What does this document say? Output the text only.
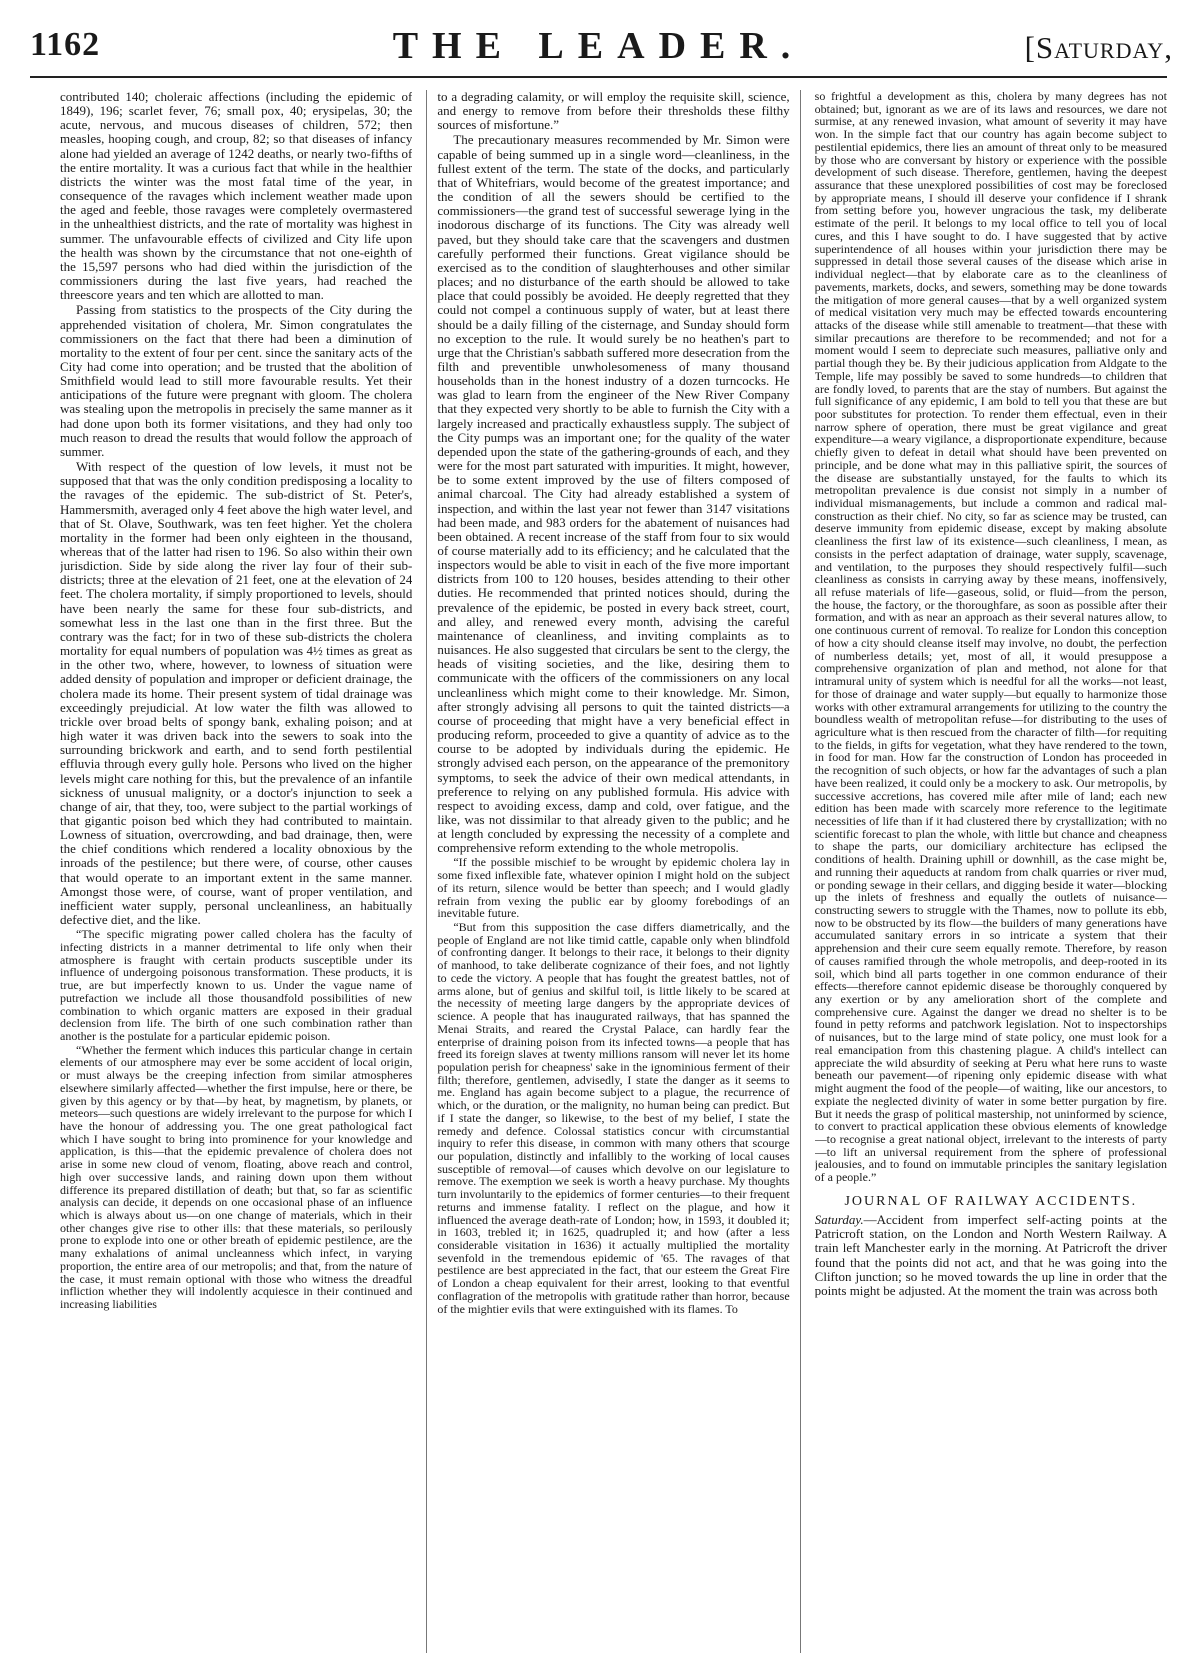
1162	THE LEADER.	[Saturday,

contributed 140; choleraic affections (including the epidemic of 1849), 196; scarlet fever, 76; small pox, 40; erysipelas, 30; the acute, nervous, and mucous diseases of children, 572; then measles, hooping cough, and croup, 82; so that diseases of infancy alone had yielded an average of 1242 deaths, or nearly two-fifths of the entire mortality. It was a curious fact that while in the healthier districts the winter was the most fatal time of the year, in consequence of the ravages which inclement weather made upon the aged and feeble, those ravages were completely overmastered in the unhealthiest districts, and the rate of mortality was highest in summer. The unfavourable effects of civilized and City life upon the health was shown by the circumstance that not one-eighth of the 15,597 persons who had died within the jurisdiction of the commissioners during the last five years, had reached the threescore years and ten which are allotted to man.

Passing from statistics to the prospects of the City during the apprehended visitation of cholera, Mr. Simon congratulates the commissioners on the fact that there had been a diminution of mortality to the extent of four per cent. since the sanitary acts of the City had come into operation; and be trusted that the abolition of Smithfield would lead to still more favourable results. Yet their anticipations of the future were pregnant with gloom. The cholera was stealing upon the metropolis in precisely the same manner as it had done upon both its former visitations, and they had only too much reason to dread the results that would follow the approach of summer.

With respect of the question of low levels, it must not be supposed that that was the only condition predisposing a locality to the ravages of the epidemic. The sub-district of St. Peter's, Hammersmith, averaged only 4 feet above the high water level, and that of St. Olave, Southwark, was ten feet higher. Yet the cholera mortality in the former had been only eighteen in the thousand, whereas that of the latter had risen to 196. So also within their own jurisdiction. Side by side along the river lay four of their sub-districts; three at the elevation of 21 feet, one at the elevation of 24 feet. The cholera mortality, if simply proportioned to levels, should have been nearly the same for these four sub-districts, and somewhat less in the last one than in the first three. But the contrary was the fact; for in two of these sub-districts the cholera mortality for equal numbers of population was 4½ times as great as in the other two, where, however, to lowness of situation were added density of population and improper or deficient drainage, the cholera made its home. Their present system of tidal drainage was exceedingly prejudicial. At low water the filth was allowed to trickle over broad belts of spongy bank, exhaling poison; and at high water it was driven back into the sewers to soak into the surrounding brickwork and earth, and to send forth pestilential effluvia through every gully hole. Persons who lived on the higher levels might care nothing for this, but the prevalence of an infantile sickness of unusual malignity, or a doctor's injunction to seek a change of air, that they, too, were subject to the partial workings of that gigantic poison bed which they had contributed to maintain. Lowness of situation, overcrowding, and bad drainage, then, were the chief conditions which rendered a locality obnoxious by the inroads of the pestilence; but there were, of course, other causes that would operate to an important extent in the same manner. Amongst those were, of course, want of proper ventilation, and inefficient water supply, personal uncleanliness, an habitually defective diet, and the like.

“The specific migrating power called cholera has the faculty of infecting districts in a manner detrimental to life only when their atmosphere is fraught with certain products susceptible under its influence of undergoing poisonous transformation. These products, it is true, are but imperfectly known to us. Under the vague name of putrefaction we include all those thousandfold possibilities of new combination to which organic matters are exposed in their gradual declension from life. The birth of one such combination rather than another is the postulate for a particular epidemic poison.

“Whether the ferment which induces this particular change in certain elements of our atmosphere may ever be some accident of local origin, or must always be the creeping infection from similar atmospheres elsewhere similarly affected—whether the first impulse, here or there, be given by this agency or by that—by heat, by magnetism, by planets, or meteors—such questions are widely irrelevant to the purpose for which I have the honour of addressing you. The one great pathological fact which I have sought to bring into prominence for your knowledge and application, is this—that the epidemic prevalence of cholera does not arise in some new cloud of venom, floating, above reach and control, high over successive lands, and raining down upon them without difference its prepared distillation of death; but that, so far as scientific analysis can decide, it depends on one occasional phase of an influence which is always about us—on one change of materials, which in their other changes give rise to other ills: that these materials, so perilously prone to explode into one or other breath of epidemic pestilence, are the many exhalations of animal uncleanness which infect, in varying proportion, the entire area of our metropolis; and that, from the nature of the case, it must remain optional with those who witness the dreadful infliction whether they will indolently acquiesce in their continued and increasing liabilities

to a degrading calamity, or will employ the requisite skill, science, and energy to remove from before their thresholds these filthy sources of misfortune.”

The precautionary measures recommended by Mr. Simon were capable of being summed up in a single word—cleanliness, in the fullest extent of the term. The state of the docks, and particularly that of Whitefriars, would become of the greatest importance; and the condition of all the sewers should be certified to the commissioners—the grand test of successful sewerage lying in the inodorous discharge of its functions. The City was already well paved, but they should take care that the scavengers and dustmen carefully performed their functions. Great vigilance should be exercised as to the condition of slaughterhouses and other similar places; and no disturbance of the earth should be allowed to take place that could possibly be avoided. He deeply regretted that they could not compel a continuous supply of water, but at least there should be a daily filling of the cisternage, and Sunday should form no exception to the rule. It would surely be no heathen's part to urge that the Christian's sabbath suffered more desecration from the filth and preventible unwholesomeness of many thousand households than in the honest industry of a dozen turncocks. He was glad to learn from the engineer of the New River Company that they expected very shortly to be able to furnish the City with a largely increased and practically exhaustless supply. The subject of the City pumps was an important one; for the quality of the water depended upon the state of the gathering-grounds of each, and they were for the most part saturated with impurities. It might, however, be to some extent improved by the use of filters composed of animal charcoal. The City had already established a system of inspection, and within the last year not fewer than 3147 visitations had been made, and 983 orders for the abatement of nuisances had been obtained. A recent increase of the staff from four to six would of course materially add to its efficiency; and he calculated that the inspectors would be able to visit in each of the five more important districts from 100 to 120 houses, besides attending to their other duties. He recommended that printed notices should, during the prevalence of the epidemic, be posted in every back street, court, and alley, and renewed every month, advising the careful maintenance of cleanliness, and inviting complaints as to nuisances. He also suggested that circulars be sent to the clergy, the heads of visiting societies, and the like, desiring them to communicate with the officers of the commissioners on any local uncleanliness which might come to their knowledge. Mr. Simon, after strongly advising all persons to quit the tainted districts—a course of proceeding that might have a very beneficial effect in producing reform, proceeded to give a quantity of advice as to the course to be adopted by individuals during the epidemic. He strongly advised each person, on the appearance of the premonitory symptoms, to seek the advice of their own medical attendants, in preference to relying on any published formula. His advice with respect to avoiding excess, damp and cold, over fatigue, and the like, was not dissimilar to that already given to the public; and he at length concluded by expressing the necessity of a complete and comprehensive reform extending to the whole metropolis.

“If the possible mischief to be wrought by epidemic cholera lay in some fixed inflexible fate, whatever opinion I might hold on the subject of its return, silence would be better than speech; and I would gladly refrain from vexing the public ear by gloomy forebodings of an inevitable future.

“But from this supposition the case differs diametrically, and the people of England are not like timid cattle, capable only when blindfold of confronting danger. It belongs to their race, it belongs to their dignity of manhood, to take deliberate cognizance of their foes, and not lightly to cede the victory. A people that has fought the greatest battles, not of arms alone, but of genius and skilful toil, is little likely to be scared at the necessity of meeting large dangers by the appropriate devices of science. A people that has inaugurated railways, that has spanned the Menai Straits, and reared the Crystal Palace, can hardly fear the enterprise of draining poison from its infected towns—a people that has freed its foreign slaves at twenty millions ransom will never let its home population perish for cheapness' sake in the ignominious ferment of their filth; therefore, gentlemen, advisedly, I state the danger as it seems to me. England has again become subject to a plague, the recurrence of which, or the duration, or the malignity, no human being can predict. But if I state the danger, so likewise, to the best of my belief, I state the remedy and defence. Colossal statistics concur with circumstantial inquiry to refer this disease, in common with many others that scourge our population, distinctly and infallibly to the working of local causes susceptible of removal—of causes which devolve on our legislature to remove. The exemption we seek is worth a heavy purchase. My thoughts turn involuntarily to the epidemics of former centuries—to their frequent returns and immense fatality. I reflect on the plague, and how it influenced the average death-rate of London; how, in 1593, it doubled it; in 1603, trebled it; in 1625, quadrupled it; and how (after a less considerable visitation in 1636) it actually multiplied the mortality sevenfold in the tremendous epidemic of '65. The ravages of that pestilence are best appreciated in the fact, that our esteem the Great Fire of London a cheap equivalent for their arrest, looking to that eventful conflagration of the metropolis with gratitude rather than horror, because of the mightier evils that were extinguished with its flames. To

so frightful a development as this, cholera by many degrees has not obtained; but, ignorant as we are of its laws and resources, we dare not surmise, at any renewed invasion, what amount of severity it may have won. In the simple fact that our country has again become subject to pestilential epidemics, there lies an amount of threat only to be measured by those who are conversant by history or experience with the possible development of such disease. Therefore, gentlemen, having the deepest assurance that these unexplored possibilities of cost may be foreclosed by appropriate means, I should ill deserve your confidence if I shrank from setting before you, however ungracious the task, my deliberate estimate of the peril. It belongs to my local office to tell you of local cures, and this I have sought to do. I have suggested that by active superintendence of all houses within your jurisdiction there may be suppressed in detail those several causes of the disease which arise in individual neglect—that by elaborate care as to the cleanliness of pavements, markets, docks, and sewers, something may be done towards the mitigation of more general causes—that by a well organized system of medical visitation very much may be effected towards encountering attacks of the disease while still amenable to treatment—that these with similar precautions are therefore to be recommended; and not for a moment would I seem to depreciate such measures, palliative only and partial though they be. By their judicious application from Aldgate to the Temple, life may possibly be saved to some hundreds—to children that are fondly loved, to parents that are the stay of numbers. But against the full significance of any epidemic, I am bold to tell you that these are but poor substitutes for protection. To render them effectual, even in their narrow sphere of operation, there must be great vigilance and great expenditure—a weary vigilance, a disproportionate expenditure, because chiefly given to defeat in detail what should have been prevented on principle, and be done what may in this palliative spirit, the sources of the disease are substantially unstayed, for the faults to which its metropolitan prevalence is due consist not simply in a number of individual mismanagements, but include a common and radical mal-construction as their chief. No city, so far as science may be trusted, can deserve immunity from epidemic disease, except by making absolute cleanliness the first law of its existence—such cleanliness, I mean, as consists in the perfect adaptation of drainage, water supply, scavenage, and ventilation, to the purposes they should respectively fulfil—such cleanliness as consists in carrying away by these means, inoffensively, all refuse materials of life—gaseous, solid, or fluid—from the person, the house, the factory, or the thoroughfare, as soon as possible after their formation, and with as near an approach as their several natures allow, to one continuous current of removal. To realize for London this conception of how a city should cleanse itself may involve, no doubt, the perfection of numberless details; yet, most of all, it would presuppose a comprehensive organization of plan and method, not alone for that intramural unity of system which is needful for all the works—not least, for those of drainage and water supply—but equally to harmonize those works with other extramural arrangements for utilizing to the country the boundless wealth of metropolitan refuse—for distributing to the uses of agriculture what is then rescued from the character of filth—for requiting to the fields, in gifts for vegetation, what they have rendered to the town, in food for man. How far the construction of London has proceeded in the recognition of such objects, or how far the advantages of such a plan have been realized, it could only be a mockery to ask. Our metropolis, by successive accretions, has covered mile after mile of land; each new edition has been made with scarcely more reference to the legitimate necessities of life than if it had clustered there by crystallization; with no scientific forecast to plan the whole, with little but chance and cheapness to shape the parts, our domiciliary architecture has eclipsed the conditions of health. Draining uphill or downhill, as the case might be, and running their aqueducts at random from chalk quarries or river mud, or ponding sewage in their cellars, and digging beside it water—blocking up the inlets of freshness and equally the outlets of nuisance—constructing sewers to struggle with the Thames, now to pollute its ebb, now to be obstructed by its flow—the builders of many generations have accumulated sanitary errors in so intricate a system that their apprehension and their cure seem equally remote. Therefore, by reason of causes ramified through the whole metropolis, and deep-rooted in its soil, which bind all parts together in one common endurance of their effects—therefore cannot epidemic disease be thoroughly conquered by any exertion or by any amelioration short of the complete and comprehensive cure. Against the danger we dread no shelter is to be found in petty reforms and patchwork legislation. Not to inspectorships of nuisances, but to the large mind of state policy, one must look for a real emancipation from this chastening plague. A child's intellect can appreciate the wild absurdity of seeking at Peru what here runs to waste beneath our pavement—of ripening only epidemic disease with what might augment the food of the people—of waiting, like our ancestors, to expiate the neglected divinity of water in some better purgation by fire. But it needs the grasp of political mastership, not uninformed by science, to convert to practical application these obvious elements of knowledge—to recognise a great national object, irrelevant to the interests of party—to lift an universal requirement from the sphere of professional jealousies, and to found on immutable principles the sanitary legislation of a people.”

JOURNAL OF RAILWAY ACCIDENTS.

Saturday.—Accident from imperfect self-acting points at the Patricroft station, on the London and North Western Railway. A train left Manchester early in the morning. At Patricroft the driver found that the points did not act, and that he was going into the Clifton junction; so he moved towards the up line in order that the points might be adjusted. At the moment the train was across both
